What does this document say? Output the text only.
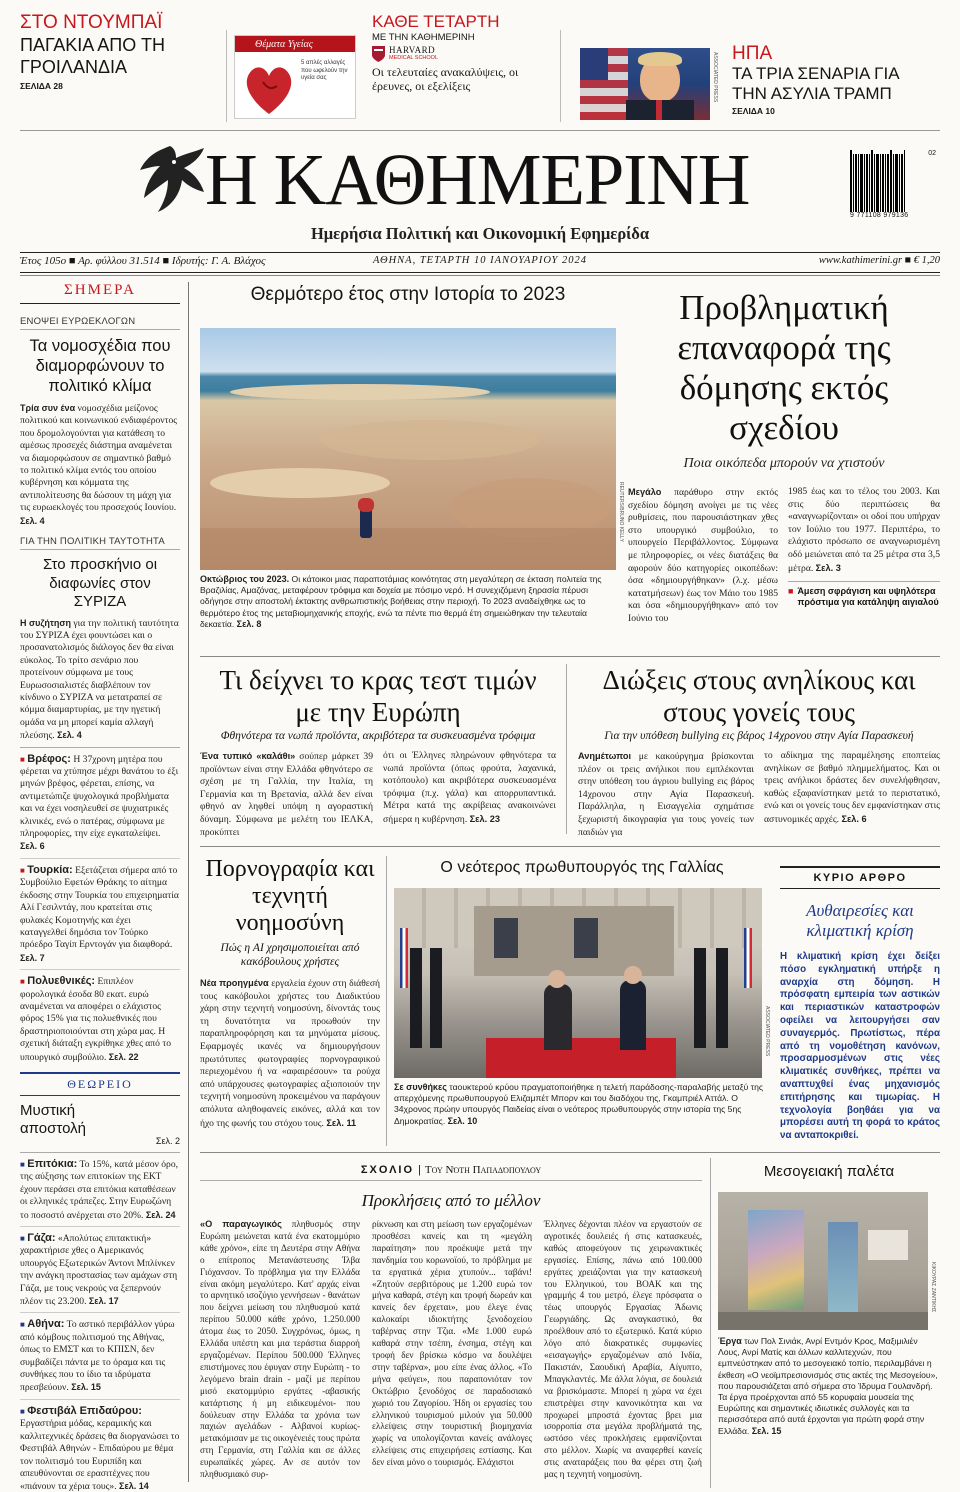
ΣΤΟ ΝΤΟΥΜΠΑΪ
ΠΑΓΑΚΙΑ ΑΠΟ ΤΗ ΓΡΟΙΛΑΝΔΙΑ
ΣΕΛΙΔΑ 28
Θέματα Υγείας
5 απλές αλλαγές που ωφελούν την υγεία σας
ΚΑΘΕ ΤΕΤΑΡΤΗ
ΜΕ ΤΗΝ ΚΑΘΗΜΕΡΙΝΗ
HARVARD
MEDICAL SCHOOL
Οι τελευταίες ανακαλύψεις, οι έρευνες, οι εξελίξεις	ASSOCIATED PRESS ΗΠΑ
ΤΑ ΤΡΙΑ ΣΕΝΑΡΙΑ ΓΙΑ ΤΗΝ ΑΣΥΛΙΑ ΤΡΑΜΠ
ΣΕΛΙΔΑ 10
Η ΚΑΘΗΜΕΡΙΝΗ	9 771108 979136
02
Ημερήσια Πολιτική και Οικονομική Εφημερίδα
Έτος 105ο ■ Αρ. φύλλου 31.514 ■ Ιδρυτής: Γ. Α. Βλάχος	ΑΘΗΝΑ, ΤΕΤΑΡΤΗ 10 ΙΑΝΟΥΑΡΙΟΥ 2024	www.kathimerini.gr ■ € 1,20
ΣΗΜΕΡΑ
ΕΝΟΨΕΙ ΕΥΡΩΕΚΛΟΓΩΝ
Τα νομοσχέδια που διαμορφώνουν το πολιτικό κλίμα
Τρία συν ένα νομοσχέδια μείζονος πολιτικού και κοινωνικού ενδιαφέροντος που δρομολογούνται για κατάθεση το αμέσως προσεχές διάστημα αναμένεται να διαμορφώσουν σε σημαντικό βαθμό το πολιτικό κλίμα εντός του οποίου κυβέρνηση και κόμματα της αντιπολίτευσης θα δώσουν τη μάχη για τις ευρωεκλογές του προσεχούς Ιουνίου. Σελ. 4
ΓΙΑ ΤΗΝ ΠΟΛΙΤΙΚΗ ΤΑΥΤΟΤΗΤΑ
Στο προσκήνιο οι διαφωνίες στον ΣΥΡΙΖΑ
Η συζήτηση για την πολιτική ταυτότητα του ΣΥΡΙΖΑ έχει φουντώσει και ο προσανατολισμός διάλογος δεν θα είναι εύκολος. Το τρίτο σενάριο που προτείνουν σύμφωνα με τους Ευρωσοσιαλιστές διαβλέπουν τον κίνδυνο ο ΣΥΡΙΖΑ να μετατραπεί σε κόμμα διαμαρτυρίας, με την ηγετική ομάδα να μη μπορεί καμία αλλαγή πλεύσης. Σελ. 4
■ Βρέφος: Η 37χρονη μητέρα που φέρεται να χτύπησε μέχρι θανάτου το έξι μηνών βρέφος, φέρεται, επίσης, να αντιμετώπιζε ψυχολογικά προβλήματα και να έχει νοσηλευθεί σε ψυχιατρικές κλινικές, ενώ ο πατέρας, σύμφωνα με πληροφορίες, την είχε εγκαταλείψει. Σελ. 6
■ Τουρκία: Εξετάζεται σήμερα από το Συμβούλιο Εφετών Θράκης το αίτημα έκδοσης στην Τουρκία του επιχειρηματία Αλί Γεσιλντάγ, που κρατείται στις φυλακές Κομοτηνής και έχει καταγγελθεί δημόσια τον Τούρκο πρόεδρο Ταγίπ Ερντογάν για διαφθορά. Σελ. 7
■ Πολυεθνικές: Επιπλέον φορολογικά έσοδα 80 εκατ. ευρώ αναμένεται να αποφέρει ο ελάχιστος φόρος 15% για τις πολυεθνικές που δραστηριοποιούνται στη χώρα μας. Η σχετική διάταξη εγκρίθηκε χθες από το υπουργικό συμβούλιο. Σελ. 22
ΘΕΩΡΕΙΟ
Μυστική αποστολή
Σελ. 2
■ Επιτόκια: Το 15%, κατά μέσον όρο, της αύξησης των επιτοκίων της ΕΚΤ έχουν περάσει στα επιτόκια καταθέσεων οι ελληνικές τράπεζες. Στην Ευρωζώνη το ποσοστό ανέρχεται στο 20%. Σελ. 24
■ Γάζα: «Απολύτως επιτακτική» χαρακτήρισε χθες ο Αμερικανός υπουργός Εξωτερικών Άντονι Μπλίνκεν την ανάγκη προστασίας των αμάχων στη Γάζα, με τους νεκρούς να ξεπερνούν πλέον τις 23.200. Σελ. 17
■ Αθήνα: Το αστικό περιβάλλον γύρω από κόμβους πολιτισμού της Αθήνας, όπως το ΕΜΣΤ και το ΚΠΙΣΝ, δεν συμβαδίζει πάντα με το όραμα και τις συνθήκες που το ίδιο τα ιδρύματα πρεσβεύουν. Σελ. 15
■ Φεστιβάλ Επιδαύρου: Εργαστήρια μόδας, κεραμικής και καλλιτεχνικές δράσεις θα διοργανώσει το Φεστιβάλ Αθηνών - Επιδαύρου με θέμα τον πολιτισμό του Ευριπίδη και απευθύνονται σε ερασιτέχνες που «πιάνουν τα χέρια τους». Σελ. 14
Θερμότερο έτος στην Ιστορία το 2023
REUTERS/BRUNO KELLY
Οκτώβριος του 2023. Οι κάτοικοι μιας παραποτάμιας κοινότητας στη μεγαλύτερη σε έκταση πολιτεία της Βραζιλίας, Αμαζόνας, μεταφέρουν τρόφιμα και δοχεία με πόσιμο νερό. Η συνεχιζόμενη ξηρασία πέρυσι οδήγησε στην αποστολή έκτακτης ανθρωπιστικής βοήθειας στην περιοχή. Το 2023 αναδείχθηκε ως το θερμότερο έτος της μεταβιομηχανικής εποχής, ενώ τα πέντε πιο θερμά έτη σημειώθηκαν την τελευταία δεκαετία. Σελ. 8
Προβληματική επαναφορά της δόμησης εκτός σχεδίου
Ποια οικόπεδα μπορούν να χτιστούν
Μεγάλο παράθυρο στην εκτός σχεδίου δόμηση ανοίγει με τις νέες ρυθμίσεις, που παρουσιάστηκαν χθες στο υπουργικό συμβούλιο, το υπουργείο Περιβάλλοντος. Σύμφωνα με πληροφορίες, οι νέες διατάξεις θα αφορούν δύο κατηγορίες οικοπέδων: όσα «δημιουργήθηκαν» (λ.χ. μέσω κατατμήσεων) έως τον Μάιο του 1985 και όσα «δημιουργήθηκαν» από τον Ιούνιο του
1985 έως και το τέλος του 2003. Και στις δύο περιπτώσεις θα «αναγνωρίζονται» οι οδοί που υπήρχαν τον Ιούλιο του 1977. Περιπτέρω, το ελάχιστο πρόσωπο σε αναγνωρισμένη οδό μειώνεται από τα 25 μέτρα στα 3,5 μέτρα. Σελ. 3
■ Άμεση σφράγιση και υψηλότερα πρόστιμα για κατάληψη αιγιαλού
Τι δείχνει το κρας τεστ τιμών με την Ευρώπη
Φθηνότερα τα νωπά προϊόντα, ακριβότερα τα συσκευασμένα τρόφιμα
Ένα τυπικό «καλάθι» σούπερ μάρκετ 39 προϊόντων είναι στην Ελλάδα φθηνότερο σε σχέση με τη Γαλλία, την Ιταλία, τη Γερμανία και τη Βρετανία, αλλά δεν είναι φθηνό αν ληφθεί υπόψη η αγοραστική δύναμη. Σύμφωνα με μελέτη του ΙΕΛΚΑ, προκύπτει
ότι οι Έλληνες πληρώνουν φθηνότερα τα νωπά προϊόντα (όπως φρούτα, λαχανικά, κοτόπουλο) και ακριβότερα συσκευασμένα τρόφιμα (π.χ. γάλα) και απορρυπαντικά. Μέτρα κατά της ακρίβειας ανακοινώνει σήμερα η κυβέρνηση. Σελ. 23
Διώξεις στους ανηλίκους και στους γονείς τους
Για την υπόθεση bullying εις βάρος 14χρονου στην Αγία Παρασκευή
Ανημέτωποι με κακούργημα βρίσκονται πλέον οι τρεις ανήλικοι που εμπλέκονται στην υπόθεση του άγριου bullying εις βάρος 14χρονου στην Αγία Παρασκευή. Παράλληλα, η Εισαγγελία σχημάτισε ξεχωριστή δικογραφία για τους γονείς των παιδιών για
το αδίκημα της παραμέλησης εποπτείας ανηλίκων σε βαθμό πλημμελήματος. Και οι τρεις ανήλικοι δράστες δεν συνελήφθησαν, καθώς εξαφανίστηκαν μετά το περιστατικό, ενώ και οι γονείς τους δεν εμφανίστηκαν στις αστυνομικές αρχές. Σελ. 6
Πορνογραφία και τεχνητή νοημοσύνη
Πώς η AI χρησιμοποιείται από κακόβουλους χρήστες
Νέα προηγμένα εργαλεία έχουν στη διάθεσή τους κακόβουλοι χρήστες του Διαδικτύου χάρη στην τεχνητή νοημοσύνη, δίνοντάς τους τη δυνατότητα να προωθούν την παραπληροφόρηση και τα μηνύματα μίσους. Εφαρμογές ικανές να δημιουργήσουν πρωτότυπες φωτογραφίες πορνογραφικού περιεχομένου ή να «αφαιρέσουν» τα ρούχα από υπάρχουσες φωτογραφίες αξιοποιούν την τεχνητή νοημοσύνη προκειμένου να παράγουν απόλυτα αληθοφανείς εικόνες, αλλά και τον ήχο της φωνής του στόχου τους. Σελ. 11
Ο νεότερος πρωθυπουργός της Γαλλίας
ASSOCIATED PRESS
Σε συνθήκες ταουκτερού κρύου πραγματοποιήθηκε η τελετή παράδοσης-παραλαβής μεταξύ της απερχόμενης πρωθυπουργού Ελιζαμπέτ Μπορν και του διαδόχου της, Γκαμπριέλ Αττάλ. Ο 34χρονος πρώην υπουργός Παιδείας είναι ο νεότερος πρωθυπουργός στην ιστορία της 5ης Δημοκρατίας. Σελ. 10
ΚΥΡΙΟ ΑΡΘΡΟ
Αυθαιρεσίες και κλιματική κρίση
Η κλιματική κρίση έχει δείξει πόσο εγκληματική υπήρξε η αναρχία στη δόμηση. Η πρόσφατη εμπειρία των αστικών και περιαστικών καταστροφών οφείλει να λειτουργήσει σαν συναγερμός. Πρωτίστως, πέρα από τη νομοθέτηση κανόνων, προσαρμοσμένων στις νέες κλιματικές συνθήκες, πρέπει να αναπτυχθεί ένας μηχανισμός επιτήρησης και τιμωρίας. Η τεχνολογία βοηθάει για να μπορέσει αυτή τη φορά το κράτος να ανταποκριθεί.
ΣΧΟΛΙΟ | Του Νότη Παπαδόπουλου
Προκλήσεις από το μέλλον
«Ο παραγωγικός πληθυσμός στην Ευρώπη μειώνεται κατά ένα εκατομμύριο κάθε χρόνο», είπε τη Δευτέρα στην Αθήνα ο επίτροπος Μετανάστευσης Ίλβα Γιόχανσον. Το πρόβλημα για την Ελλάδα είναι ακόμη μεγαλύτερο. Κατ' αρχάς είναι το αρνητικό ισοζύγιο γεννήσεων - θανάτων που δείχνει μείωση του πληθυσμού κατά περίπου 50.000 κάθε χρόνο, 1.250.000 άτομα έως το 2050. Συγχρόνως, όμως, η Ελλάδα υπέστη και μια τεράστια διαρροή εργαζομένων. Περίπου 500.000 Έλληνες επιστήμονες που έφυγαν στην Ευρώπη - το λεγόμενο brain drain - μαζί με περίπου μισό εκατομμύριο εργάτες -αβασικής κατάρτισης ή μη ειδικευμένοι- που δούλευαν στην Ελλάδα τα χρόνια των παχιών αγελάδων - Αλβανοί κυρίως- μετακόμισαν με τις οικογένειές τους πρώτα στη Γερμανία, στη Γαλλία και σε άλλες ευρωπαϊκές χώρες. Αν σε αυτόν τον πληθυσμιακό συρ-
ρίκνωση και στη μείωση των εργαζομένων προσθέσει κανείς και τη «μεγάλη παραίτηση» που προέκυψε μετά την πανδημία του κορωνοϊού, το πρόβλημα με τα εργατικά χέρια χτυπούν... ταβάνι! «Ζητούν σερβιτόρους με 1.200 ευρώ τον μήνα καθαρά, στέγη και τροφή δωρεάν και κανείς δεν έρχεται», μου έλεγε ένας καλοκαίρι ιδιοκτήτης ξενοδοχείου ταβέρνας στην Τζια. «Με 1.000 ευρώ καθαρά στην τσέπη, ένσημα, στέγη και τροφή δεν βρίσκω κόσμο να δουλέψει στην ταβέρνα», μου είπε ένας άλλος. «Το μήνα φεύγει», που παραπονιόταν τον Οκτώβριο ξενοδόχος σε παραδοσιακό χωριό του Ζαγορίου. Ήδη οι εργασίες του ελληνικού τουρισμού μιλούν για 50.000 ελλείψεις στην τουριστική βιομηχανία χωρίς να υπολογίζονται κανείς ανάλογες ελλείψεις στις επιχειρήσεις εστίασης. Και δεν είναι μόνο ο τουρισμός. Ελάχιστοι
Έλληνες δέχονται πλέον να εργαστούν σε αγροτικές δουλειές ή στις κατασκευές, καθώς αποφεύγουν τις χειρωνακτικές εργασίες. Επίσης, πάνω από 100.000 εργάτες χρειάζονται για την κατασκευή του Ελληνικού, του ΒΟΑΚ και της γραμμής 4 του μετρό, έλεγε πρόσφατα ο τέως υπουργός Εργασίας Άδωνις Γεωργιάδης. Ως αναγκαστικό, θα προέλθουν από το εξωτερικό. Κατά κύριο λόγο από διακρατικές συμφωνίες «εισαγωγής» εργαζομένων από Ινδία, Πακιστάν, Σαουδική Αραβία, Αίγυπτο, Μπαγκλαντές. Με άλλα λόγια, σε δουλειά να βρισκόμαστε. Μπορεί η χώρα να έχει επιστρέψει στην κανονικότητα και να προχωρεί μπροστά έχοντας βρει μια ισορροπία στα μεγάλα προβλήματά της, ωστόσο νέες προκλήσεις εμφανίζονται στο μέλλον. Χωρίς να αναφερθεί κανείς στις αναταράξεις που θα φέρει στη ζωή μας η τεχνητή νοημοσύνη.
Μεσογειακή παλέτα
ΚΙΚΟΥΡΑΣ ΖΑΝΤΙΚΗΣ
Έργα των Πολ Σινιάκ, Ανρί Εντμόν Κρος, Μαξιμιλιέν Λους, Ανρί Ματίς και άλλων καλλιτεχνών, που εμπνεύστηκαν από το μεσογειακό τοπίο, περιλαμβάνει η έκθεση «Ο νεοϊμπρεσιονισμός στις ακτές της Μεσογείου», που παρουσιάζεται από σήμερα στο Ίδρυμα Γουλανδρή. Τα έργα προέρχονται από 55 κορυφαία μουσεία της Ευρώπης και σημαντικές ιδιωτικές συλλογές και τα περισσότερα από αυτά έρχονται για πρώτη φορά στην Ελλάδα. Σελ. 15
